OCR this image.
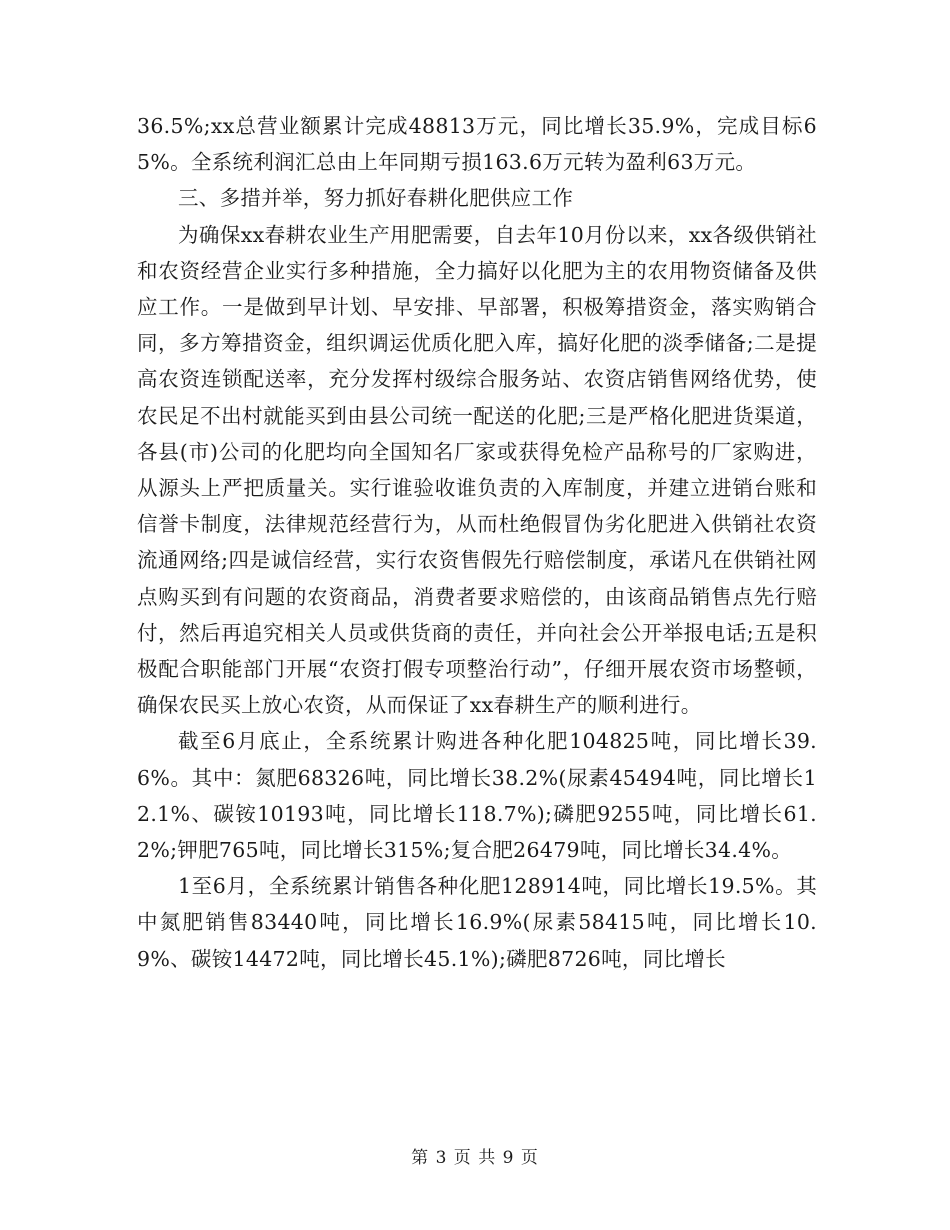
36.5%;xx总营业额累计完成48813万元，同比增长35.9%，完成目标65%。全系统利润汇总由上年同期亏损163.6万元转为盈利63万元。

三、多措并举，努力抓好春耕化肥供应工作

为确保xx春耕农业生产用肥需要，自去年10月份以来，xx各级供销社和农资经营企业实行多种措施，全力搞好以化肥为主的农用物资储备及供应工作。一是做到早计划、早安排、早部署，积极筹措资金，落实购销合同，多方筹措资金，组织调运优质化肥入库，搞好化肥的淡季储备;二是提高农资连锁配送率，充分发挥村级综合服务站、农资店销售网络优势，使农民足不出村就能买到由县公司统一配送的化肥;三是严格化肥进货渠道，各县(市)公司的化肥均向全国知名厂家或获得免检产品称号的厂家购进，从源头上严把质量关。实行谁验收谁负责的入库制度，并建立进销台账和信誉卡制度，法律规范经营行为，从而杜绝假冒伪劣化肥进入供销社农资流通网络;四是诚信经营，实行农资售假先行赔偿制度，承诺凡在供销社网点购买到有问题的农资商品，消费者要求赔偿的，由该商品销售点先行赔付，然后再追究相关人员或供货商的责任，并向社会公开举报电话;五是积极配合职能部门开展“农资打假专项整治行动”，仔细开展农资市场整顿，确保农民买上放心农资，从而保证了xx春耕生产的顺利进行。

截至6月底止，全系统累计购进各种化肥104825吨，同比增长39.6%。其中：氮肥68326吨，同比增长38.2%(尿素45494吨，同比增长12.1%、碳铵10193吨，同比增长118.7%);磷肥9255吨，同比增长61.2%;钾肥765吨，同比增长315%;复合肥26479吨，同比增长34.4%。

1至6月，全系统累计销售各种化肥128914吨，同比增长19.5%。其中氮肥销售83440吨，同比增长16.9%(尿素58415吨，同比增长10.9%、碳铵14472吨，同比增长45.1%);磷肥8726吨，同比增长

第 3 页 共 9 页
